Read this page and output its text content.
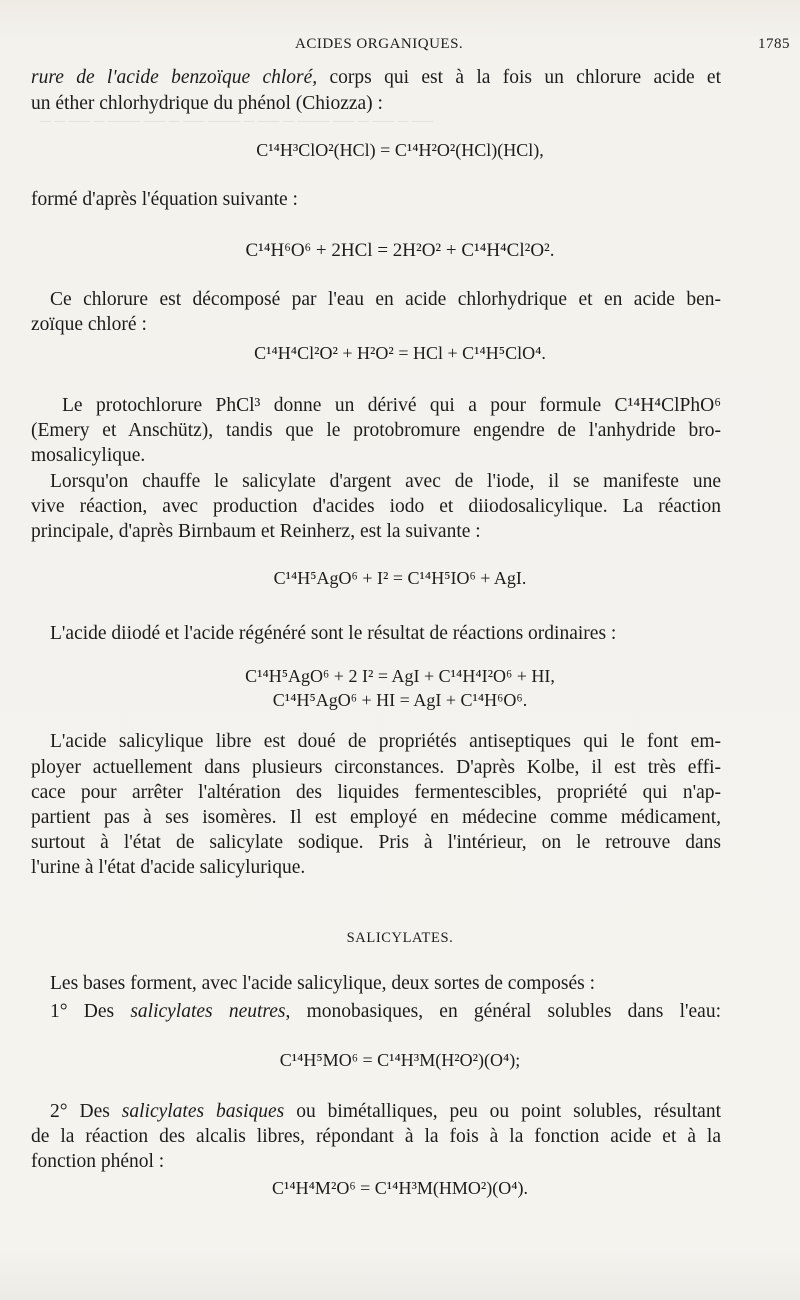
─ ─ ── ─ ─── ── ─ ── ─── ─ ── ─ ─── ── ─ ── ─ ──
ACIDES ORGANIQUES.	1785
rure de l'acide benzoïque chloré, corps qui est à la fois un chlorure acide et
un éther chlorhydrique du phénol (Chiozza) :
C¹⁴H³ClO²(HCl) = C¹⁴H²O²(HCl)(HCl),
formé d'après l'équation suivante :
C¹⁴H⁶O⁶ + 2HCl = 2H²O² + C¹⁴H⁴Cl²O².
Ce chlorure est décomposé par l'eau en acide chlorhydrique et en acide ben-
zoïque chloré :
C¹⁴H⁴Cl²O² + H²O² = HCl + C¹⁴H⁵ClO⁴.
Le protochlorure PhCl³ donne un dérivé qui a pour formule C¹⁴H⁴ClPhO⁶
(Emery et Anschütz), tandis que le protobromure engendre de l'anhydride bro-
mosalicylique.
Lorsqu'on chauffe le salicylate d'argent avec de l'iode, il se manifeste une
vive réaction, avec production d'acides iodo et diiodosalicylique. La réaction
principale, d'après Birnbaum et Reinherz, est la suivante :
C¹⁴H⁵AgO⁶ + I² = C¹⁴H⁵IO⁶ + AgI.
L'acide diiodé et l'acide régénéré sont le résultat de réactions ordinaires :
C¹⁴H⁵AgO⁶ + 2 I² = AgI + C¹⁴H⁴I²O⁶ + HI,
C¹⁴H⁵AgO⁶ + HI = AgI + C¹⁴H⁶O⁶.
L'acide salicylique libre est doué de propriétés antiseptiques qui le font em-
ployer actuellement dans plusieurs circonstances. D'après Kolbe, il est très effi-
cace pour arrêter l'altération des liquides fermentescibles, propriété qui n'ap-
partient pas à ses isomères. Il est employé en médecine comme médicament,
surtout à l'état de salicylate sodique. Pris à l'intérieur, on le retrouve dans
l'urine à l'état d'acide salicylurique.
SALICYLATES.
Les bases forment, avec l'acide salicylique, deux sortes de composés :
1° Des salicylates neutres, monobasiques, en général solubles dans l'eau:
C¹⁴H⁵MO⁶ = C¹⁴H³M(H²O²)(O⁴);
2° Des salicylates basiques ou bimétalliques, peu ou point solubles, résultant
de la réaction des alcalis libres, répondant à la fois à la fonction acide et à la
fonction phénol :
C¹⁴H⁴M²O⁶ = C¹⁴H³M(HMO²)(O⁴).
